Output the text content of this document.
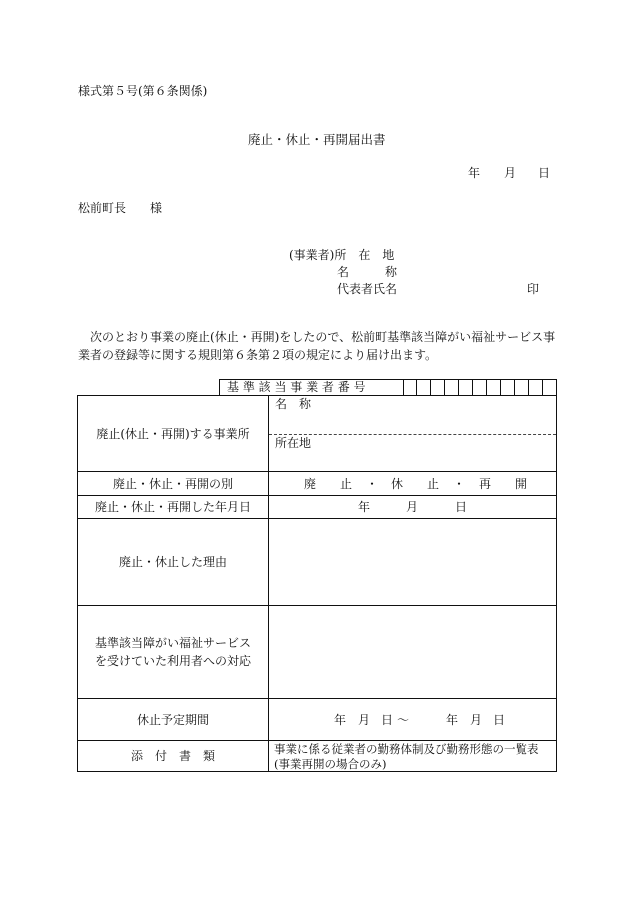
様式第５号(第６条関係)
廃止・休止・再開届出書
年 月 日
松前町長　　様
(事業者)所　在　地
名　　　称
代表者氏名	印
　次のとおり事業の廃止(休止・再開)をしたので、松前町基準該当障がい福祉サービス事
業者の登録等に関する規則第６条第２項の規定により届け出ます。
基 準 該 当 事 業 者 番 号
廃止(休止・再開)する事業所
名　称
所在地
廃止・休止・再開の別	廃　　止 ・ 休　　止 ・ 再　　開
廃止・休止・再開した年月日	年	月	日
廃止・休止した理由
基準該当障がい福祉サービス
を受けていた利用者への対応
休止予定期間	年 月 日 〜	年 月 日
添　付　書　類	事業に係る従業者の勤務体制及び勤務形態の一覧表
(事業再開の場合のみ)
